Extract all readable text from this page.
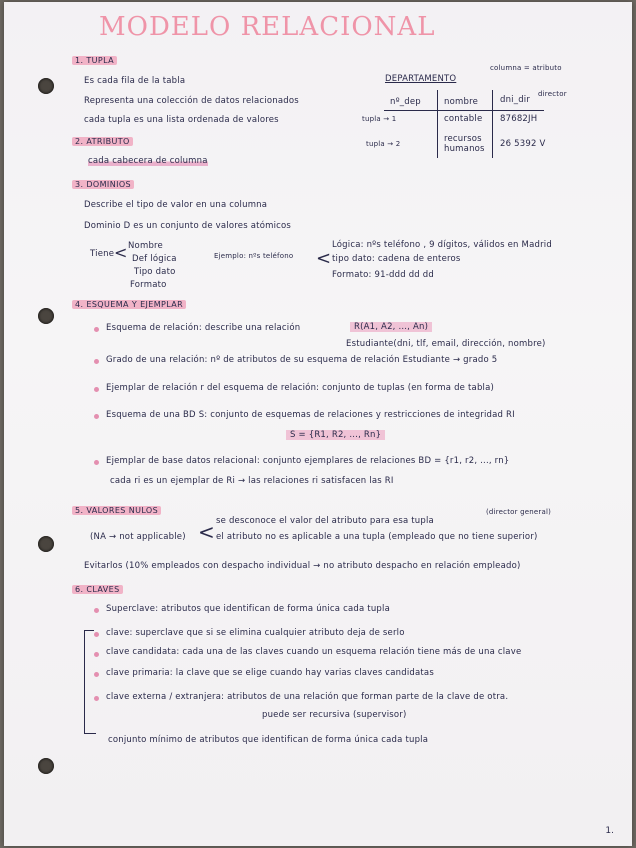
MODELO RELACIONAL
1. TUPLA
Es cada fila de la tabla
Representa una colección de datos relacionados
cada tupla es una lista ordenada de valores
columna = atributo
DEPARTAMENTO
director
nº_dep	nombre	dni_dir
tupla → 1	contable 87682JH
tupla → 2	recursos humanos	26 5392 V
2. ATRIBUTO
cada cabecera de columna
3. DOMINIOS
Describe el tipo de valor en una columna
Dominio D es un conjunto de valores atómicos
Tiene < Nombre
Def lógica
Tipo dato
Formato
Ejemplo: nºs teléfono <
Lógica: nºs teléfono , 9 dígitos, válidos en Madrid
tipo dato: cadena de enteros
Formato: 91-ddd dd dd
4. ESQUEMA Y EJEMPLAR
Esquema de relación: describe una relación	R(A1, A2, ..., An)
Estudiante(dni, tlf, email, dirección, nombre)
Grado de una relación: nº de atributos de su esquema de relación Estudiante → grado 5
Ejemplar de relación r del esquema de relación: conjunto de tuplas (en forma de tabla)
Esquema de una BD S: conjunto de esquemas de relaciones y restricciones de integridad RI
S = {R1, R2, ..., Rn}
Ejemplar de base datos relacional: conjunto ejemplares de relaciones BD = {r1, r2, ..., rn}
cada ri es un ejemplar de Ri → las relaciones ri satisfacen las RI
5. VALORES NULOS
(NA → not applicable) < se desconoce el valor del atributo para esa tupla
(director general)
el atributo no es aplicable a una tupla (empleado que no tiene superior)
Evitarlos (10% empleados con despacho individual → no atributo despacho en relación empleado)
6. CLAVES
Superclave: atributos que identifican de forma única cada tupla
clave: superclave que si se elimina cualquier atributo deja de serlo
clave candidata: cada una de las claves cuando un esquema relación tiene más de una clave
clave primaria: la clave que se elige cuando hay varias claves candidatas
clave externa / extranjera: atributos de una relación que forman parte de la clave de otra.
puede ser recursiva (supervisor)
conjunto mínimo de atributos que identifican de forma única cada tupla
1.
